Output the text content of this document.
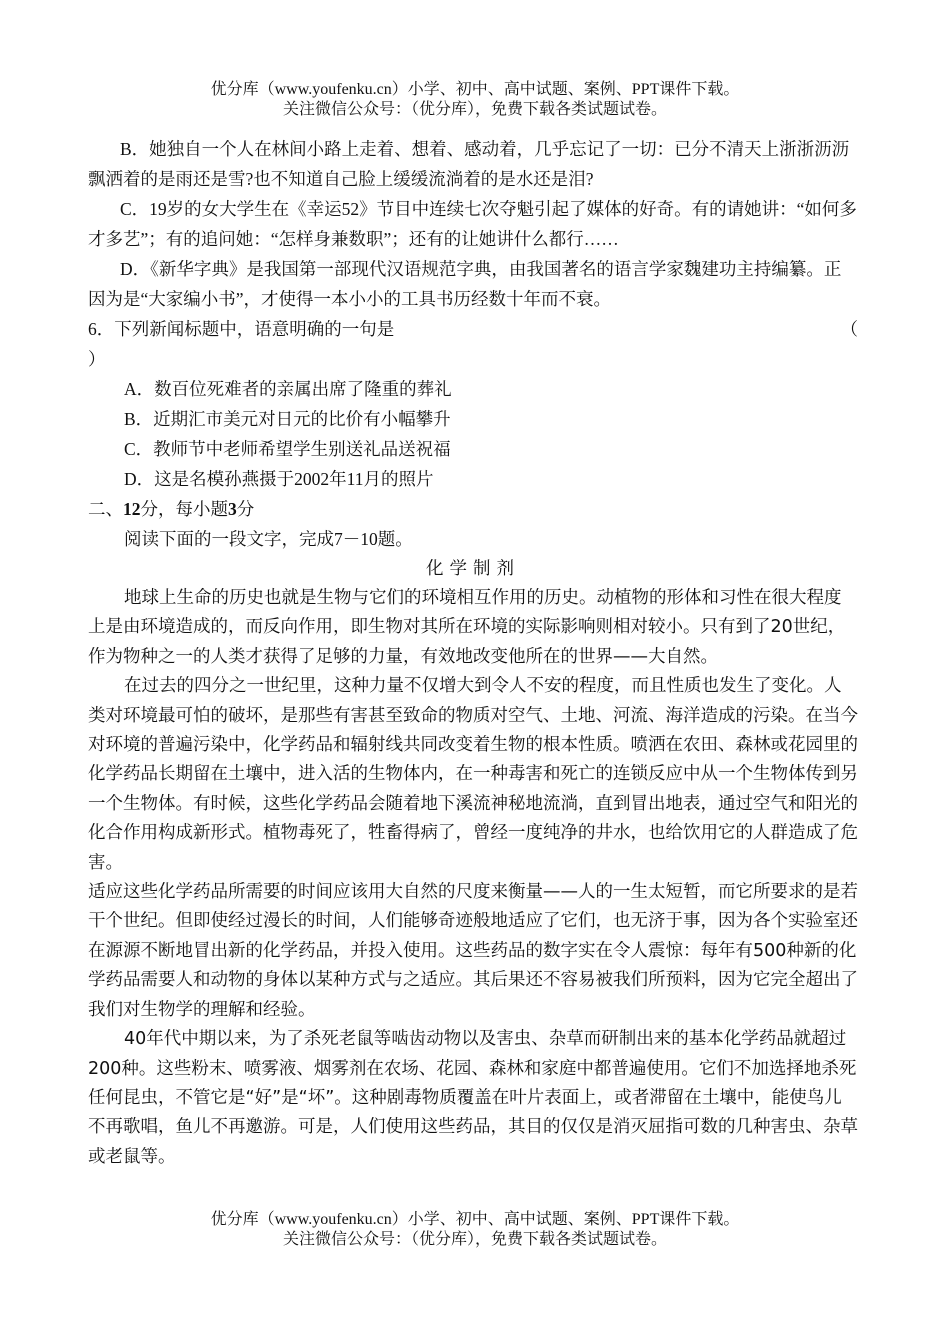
优分库（www.youfenku.cn）小学、初中、高中试题、案例、PPT课件下载。
关注微信公众号：（优分库），免费下载各类试题试卷。

B．她独自一个人在林间小路上走着、想着、感动着，几乎忘记了一切：已分不清天上浙浙沥沥飘洒着的是雨还是雪?也不知道自己脸上缓缓流淌着的是水还是泪?

C．19岁的女大学生在《幸运52》节目中连续七次夺魁引起了媒体的好奇。有的请她讲：“如何多才多艺”；有的追问她：“怎样身兼数职”；还有的让她讲什么都行……

D．《新华字典》是我国第一部现代汉语规范字典，由我国著名的语言学家魏建功主持编纂。正因为是“大家编小书”，才使得一本小小的工具书历经数十年而不衰。

6．下列新闻标题中，语意明确的一句是	（

）

A．数百位死难者的亲属出席了隆重的葬礼

B．近期汇市美元对日元的比价有小幅攀升

C．教师节中老师希望学生别送礼品送祝福

D．这是名模孙燕摄于2002年11月的照片

二、12分，每小题3分

阅读下面的一段文字，完成7－10题。

化学制剂

地球上生命的历史也就是生物与它们的环境相互作用的历史。动植物的形体和习性在很大程度上是由环境造成的，而反向作用，即生物对其所在环境的实际影响则相对较小。只有到了20世纪，作为物种之一的人类才获得了足够的力量，有效地改变他所在的世界——大自然。

在过去的四分之一世纪里，这种力量不仅增大到令人不安的程度，而且性质也发生了变化。人类对环境最可怕的破坏，是那些有害甚至致命的物质对空气、土地、河流、海洋造成的污染。在当今对环境的普遍污染中，化学药品和辐射线共同改变着生物的根本性质。喷洒在农田、森林或花园里的化学药品长期留在土壤中，进入活的生物体内，在一种毒害和死亡的连锁反应中从一个生物体传到另一个生物体。有时候，这些化学药品会随着地下溪流神秘地流淌，直到冒出地表，通过空气和阳光的化合作用构成新形式。植物毒死了，牲畜得病了，曾经一度纯净的井水，也给饮用它的人群造成了危害。

适应这些化学药品所需要的时间应该用大自然的尺度来衡量——人的一生太短暂，而它所要求的是若干个世纪。但即使经过漫长的时间，人们能够奇迹般地适应了它们，也无济于事，因为各个实验室还在源源不断地冒出新的化学药品，并投入使用。这些药品的数字实在令人震惊：每年有500种新的化学药品需要人和动物的身体以某种方式与之适应。其后果还不容易被我们所预料，因为它完全超出了我们对生物学的理解和经验。

40年代中期以来，为了杀死老鼠等啮齿动物以及害虫、杂草而研制出来的基本化学药品就超过200种。这些粉末、喷雾液、烟雾剂在农场、花园、森林和家庭中都普遍使用。它们不加选择地杀死任何昆虫，不管它是“好”是“坏”。这种剧毒物质覆盖在叶片表面上，或者滞留在土壤中，能使鸟儿不再歌唱，鱼儿不再邀游。可是，人们使用这些药品，其目的仅仅是消灭屈指可数的几种害虫、杂草或老鼠等。

优分库（www.youfenku.cn）小学、初中、高中试题、案例、PPT课件下载。
关注微信公众号：（优分库），免费下载各类试题试卷。
